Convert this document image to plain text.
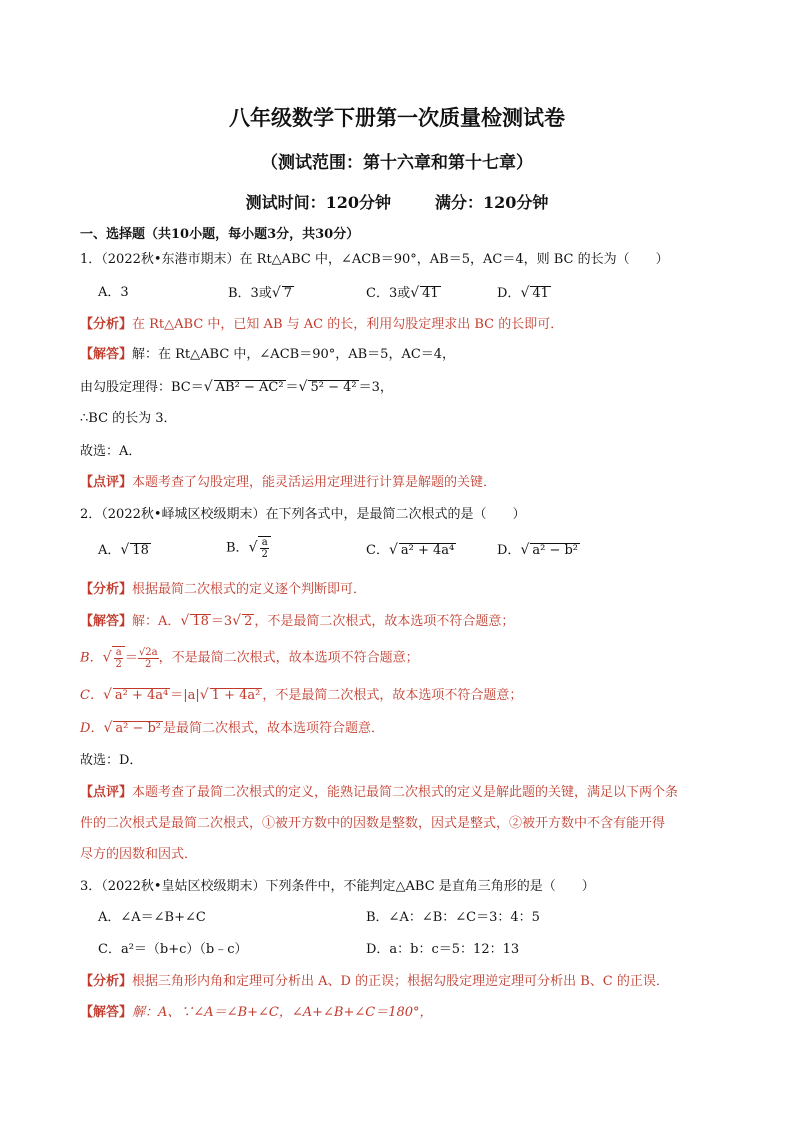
八年级数学下册第一次质量检测试卷
（测试范围：第十六章和第十七章）
测试时间：120分钟	满分：120分钟
一、选择题（共10小题，每小题3分，共30分）
1．（2022秋•东港市期末）在 Rt△ABC 中，∠ACB＝90°，AB＝5，AC＝4，则 BC 的长为（　　）
A．3	B．3或√ 7	C．3或√ 41	D．√ 41
【分析】在 Rt△ABC 中，已知 AB 与 AC 的长，利用勾股定理求出 BC 的长即可．
【解答】解：在 Rt△ABC 中，∠ACB＝90°，AB＝5，AC＝4，
由勾股定理得：BC＝√ AB² − AC² ＝√ 5² − 4² ＝3，
∴BC 的长为 3．
故选：A．
【点评】本题考查了勾股定理，能灵活运用定理进行计算是解题的关键．
2．（2022秋•峄城区校级期末）在下列各式中，是最简二次根式的是（　　）
A．√ 18	B．√ $\frac{a}{2}$	C．√ a² + 4a⁴	D．√ a² − b²
【分析】根据最简二次根式的定义逐个判断即可．
【解答】解：A．√ 18 ＝3√ 2 ，不是最简二次根式，故本选项不符合题意；
B．√ $\frac{a}{2} = \frac{√2a}{2}$ ，不是最简二次根式，故本选项不符合题意；
C．√ a² + 4a⁴ ＝|a|√ 1 + 4a² ，不是最简二次根式，故本选项不符合题意；
D．√ a² − b² 是最简二次根式，故本选项符合题意．
故选：D．
【点评】本题考查了最简二次根式的定义，能熟记最简二次根式的定义是解此题的关键，满足以下两个条
件的二次根式是最简二次根式，①被开方数中的因数是整数，因式是整式，②被开方数中不含有能开得
尽方的因数和因式．
3．（2022秋•皇姑区校级期末）下列条件中，不能判定△ABC 是直角三角形的是（　　）
A．∠A＝∠B+∠C	B．∠A：∠B：∠C＝3：4：5
C．a²＝（b+c）（b﹣c）	D．a：b：c＝5：12：13
【分析】根据三角形内角和定理可分析出 A、D 的正误；根据勾股定理逆定理可分析出 B、C 的正误．
【解答】解：A、∵∠A＝∠B+∠C，∠A+∠B+∠C＝180°，
